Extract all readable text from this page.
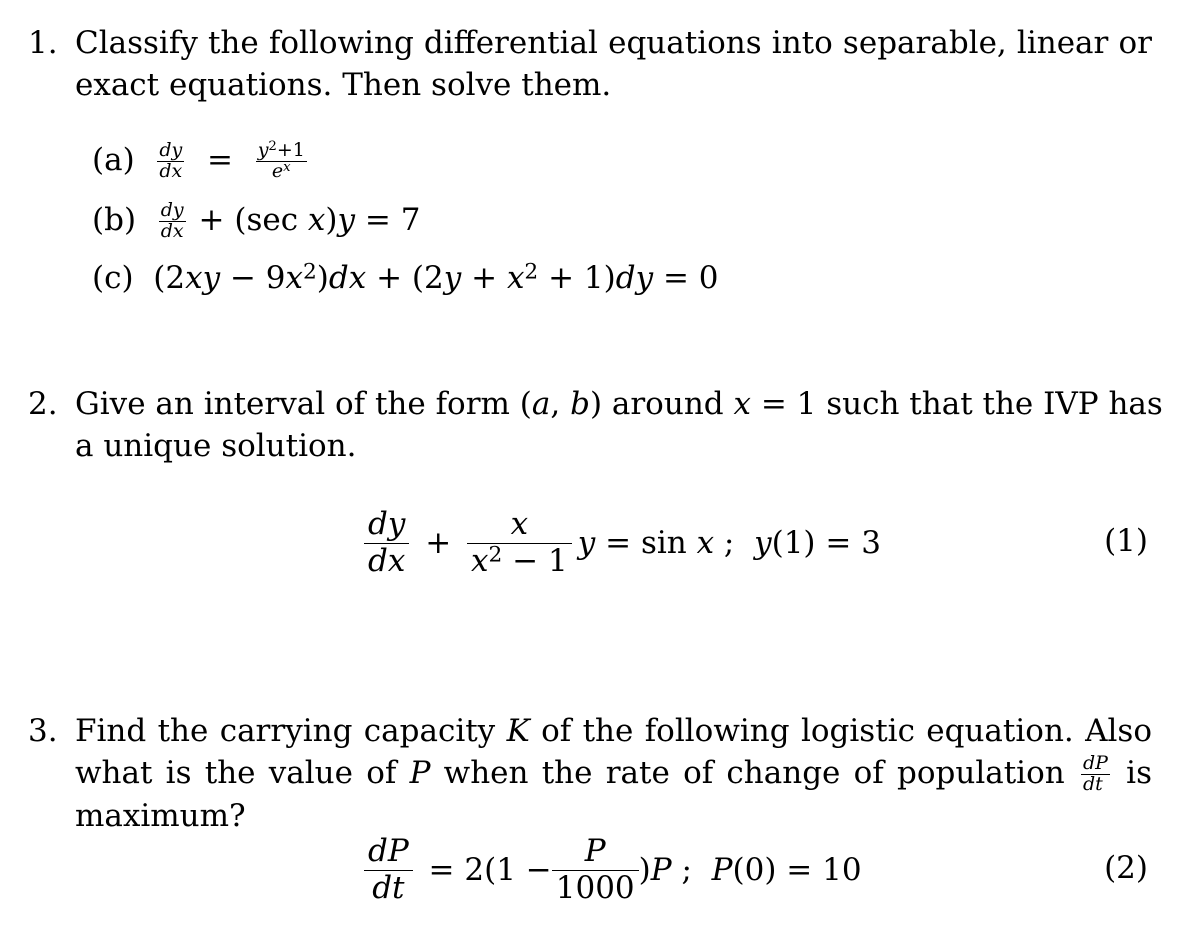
1. Classify the following differential equations into separable, linear or
exact equations. Then solve them.
$(a) \frac{dy}{dx} = \frac{y^2+1}{e^x}$
$(b) \frac{dy}{dx} + (\sec$ x)y = 7
(c)  $(2xy - 9x^2)dx + (2y + x^2 + 1)dy = 0$
2. Give an interval of the form (a, b) around x = 1 such that the IVP has
a unique solution.
dy
dx + $\frac{x}{x^2 - 1}$ y = sin x ;  y(1) = 3	(1)
3. Find the carrying capacity K of the following logistic equation. Also
what is the value of P when the rate of change of population $\frac{dP}{dt}$ is
maximum?
$\frac{dP}{dt} = 2(1 - \frac{P}{1000} )P$ ;  P(0) = 10	(2)
